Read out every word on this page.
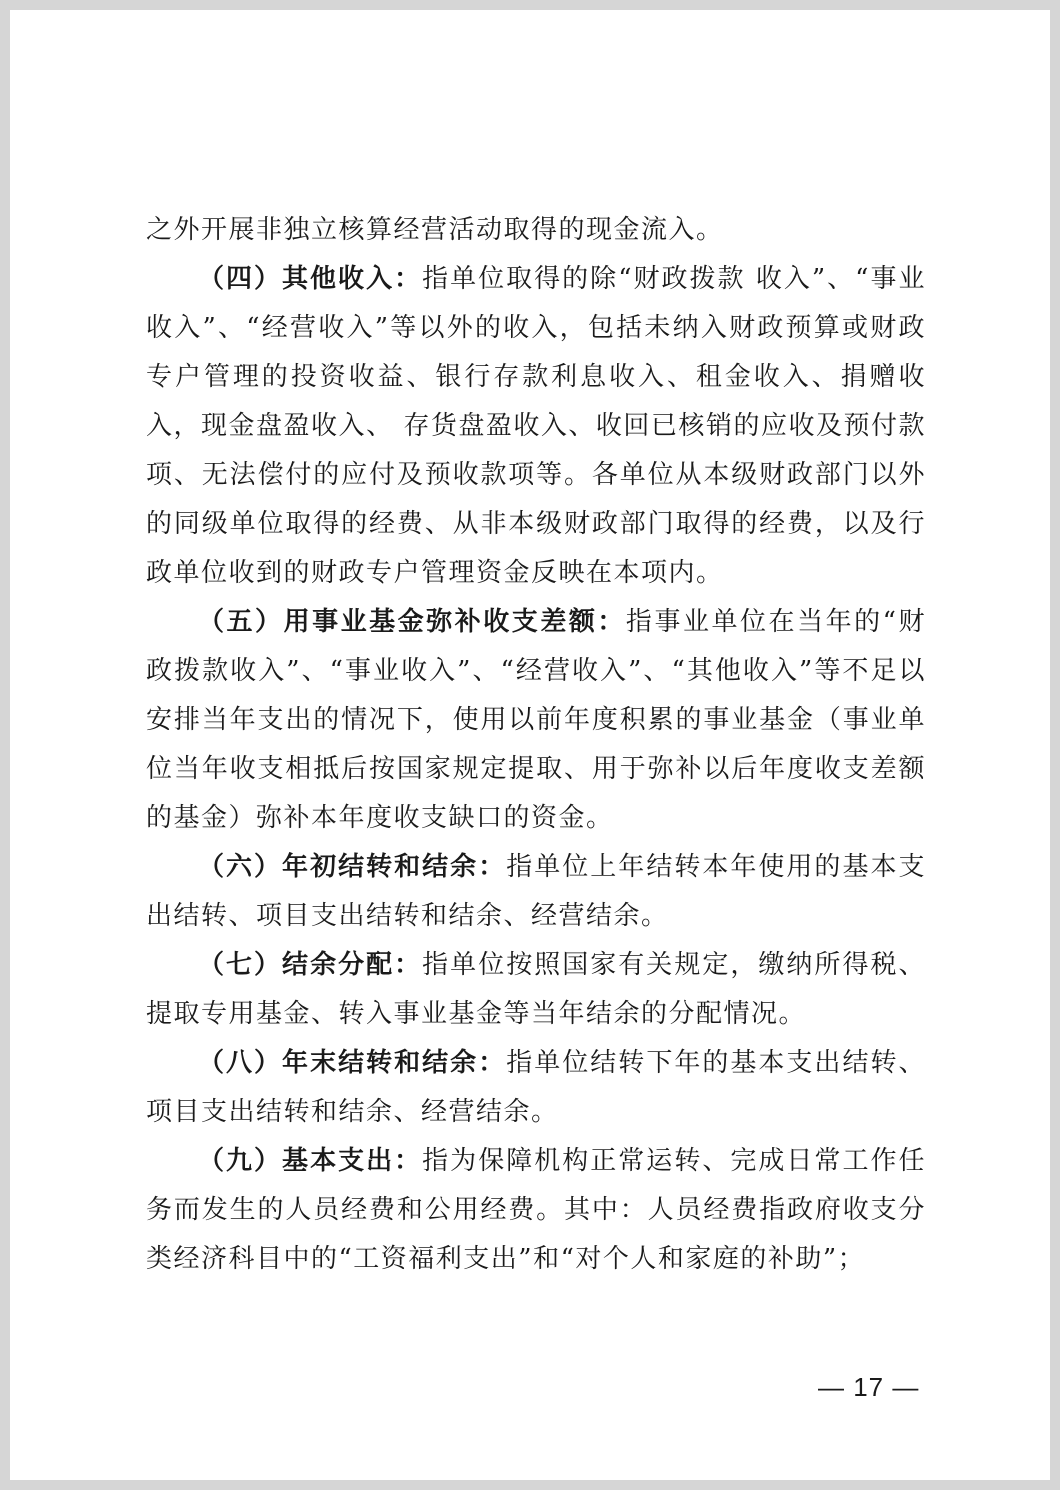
之外开展非独立核算经营活动取得的现金流入。

（四）其他收入：指单位取得的除“财政拨款 收入”、“事业收入”、“经营收入”等以外的收入，包括未纳入财政预算或财政专户管理的投资收益、银行存款利息收入、租金收入、捐赠收入，现金盘盈收入、 存货盘盈收入、收回已核销的应收及预付款项、无法偿付的应付及预收款项等。各单位从本级财政部门以外的同级单位取得的经费、从非本级财政部门取得的经费，以及行政单位收到的财政专户管理资金反映在本项内。

（五）用事业基金弥补收支差额：指事业单位在当年的“财政拨款收入”、“事业收入”、“经营收入”、“其他收入”等不足以安排当年支出的情况下，使用以前年度积累的事业基金（事业单位当年收支相抵后按国家规定提取、用于弥补以后年度收支差额的基金）弥补本年度收支缺口的资金。

（六）年初结转和结余：指单位上年结转本年使用的基本支出结转、项目支出结转和结余、经营结余。

（七）结余分配：指单位按照国家有关规定，缴纳所得税、提取专用基金、转入事业基金等当年结余的分配情况。

（八）年末结转和结余：指单位结转下年的基本支出结转、项目支出结转和结余、经营结余。

（九）基本支出：指为保障机构正常运转、完成日常工作任务而发生的人员经费和公用经费。其中：人员经费指政府收支分类经济科目中的“工资福利支出”和“对个人和家庭的补助”；

— 17 —
